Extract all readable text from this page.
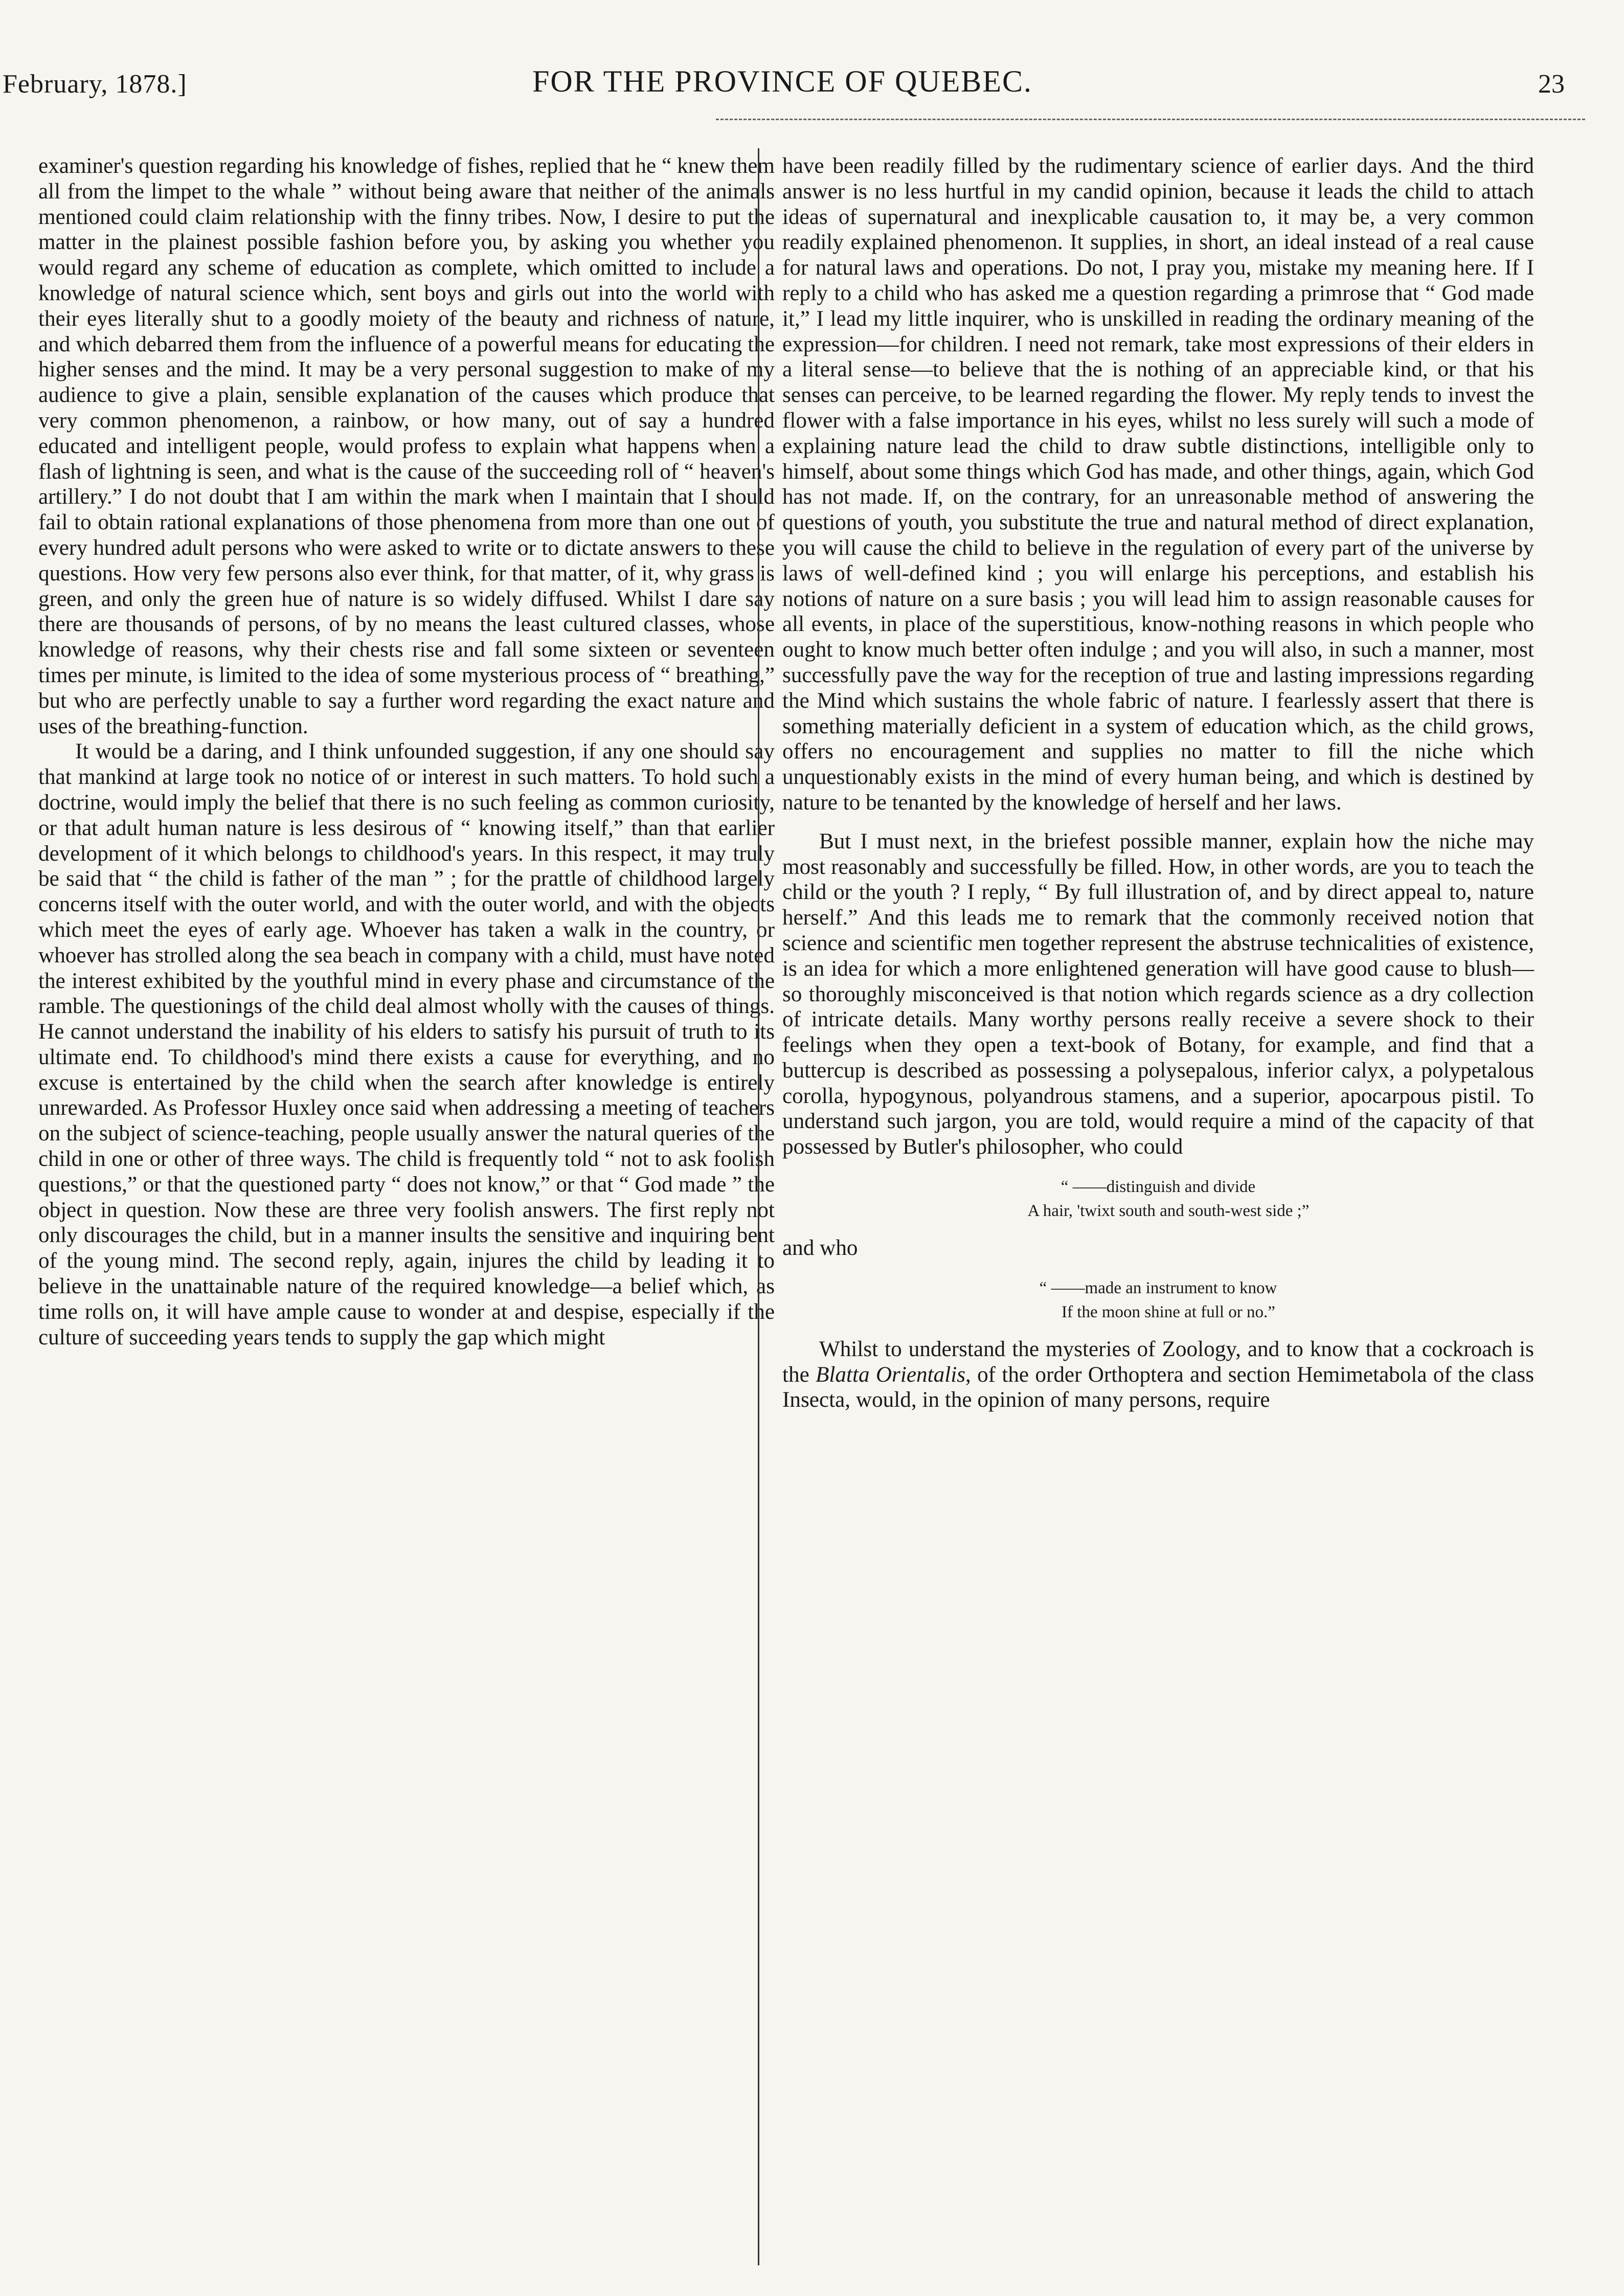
February, 1878.]	FOR THE PROVINCE OF QUEBEC.	23

examiner's question regarding his knowledge of fishes, replied that he “ knew them all from the limpet to the whale ” without being aware that neither of the animals mentioned could claim relationship with the finny tribes. Now, I desire to put the matter in the plainest possible fashion before you, by asking you whether you would regard any scheme of education as complete, which omitted to include a knowledge of natural science which, sent boys and girls out into the world with their eyes literally shut to a goodly moiety of the beauty and richness of nature, and which debarred them from the influence of a powerful means for educating the higher senses and the mind. It may be a very personal suggestion to make of my audience to give a plain, sensible explanation of the causes which produce that very common phenomenon, a rainbow, or how many, out of say a hundred educated and intelligent people, would profess to explain what happens when a flash of lightning is seen, and what is the cause of the succeeding roll of “ heaven's artillery.” I do not doubt that I am within the mark when I maintain that I should fail to obtain rational explanations of those phenomena from more than one out of every hundred adult persons who were asked to write or to dictate answers to these questions. How very few persons also ever think, for that matter, of it, why grass is green, and only the green hue of nature is so widely diffused. Whilst I dare say there are thousands of persons, of by no means the least cultured classes, whose knowledge of reasons, why their chests rise and fall some sixteen or seventeen times per minute, is limited to the idea of some mysterious process of “ breathing,” but who are perfectly unable to say a further word regarding the exact nature and uses of the breathing-function.

It would be a daring, and I think unfounded suggestion, if any one should say that mankind at large took no notice of or interest in such matters. To hold such a doctrine, would imply the belief that there is no such feeling as common curiosity, or that adult human nature is less desirous of “ knowing itself,” than that earlier development of it which belongs to childhood's years. In this respect, it may truly be said that “ the child is father of the man ” ; for the prattle of childhood largely concerns itself with the outer world, and with the outer world, and with the objects which meet the eyes of early age. Whoever has taken a walk in the country, or whoever has strolled along the sea beach in company with a child, must have noted the interest exhibited by the youthful mind in every phase and circumstance of the ramble. The questionings of the child deal almost wholly with the causes of things. He cannot understand the inability of his elders to satisfy his pursuit of truth to its ultimate end. To childhood's mind there exists a cause for everything, and no excuse is entertained by the child when the search after knowledge is entirely unrewarded. As Professor Huxley once said when addressing a meeting of teachers on the subject of science-teaching, people usually answer the natural queries of the child in one or other of three ways. The child is frequently told “ not to ask foolish questions,” or that the questioned party “ does not know,” or that “ God made ” the object in question. Now these are three very foolish answers. The first reply not only discourages the child, but in a manner insults the sensitive and inquiring bent of the young mind. The second reply, again, injures the child by leading it to believe in the unattainable nature of the required knowledge—a belief which, as time rolls on, it will have ample cause to wonder at and despise, especially if the culture of succeeding years tends to supply the gap which might

have been readily filled by the rudimentary science of earlier days. And the third answer is no less hurtful in my candid opinion, because it leads the child to attach ideas of supernatural and inexplicable causation to, it may be, a very common readily explained phenomenon. It supplies, in short, an ideal instead of a real cause for natural laws and operations. Do not, I pray you, mistake my meaning here. If I reply to a child who has asked me a question regarding a primrose that “ God made it,” I lead my little inquirer, who is unskilled in reading the ordinary meaning of the expression—for children. I need not remark, take most expressions of their elders in a literal sense—to believe that the is nothing of an appreciable kind, or that his senses can perceive, to be learned regarding the flower. My reply tends to invest the flower with a false importance in his eyes, whilst no less surely will such a mode of explaining nature lead the child to draw subtle distinctions, intelligible only to himself, about some things which God has made, and other things, again, which God has not made. If, on the contrary, for an unreasonable method of answering the questions of youth, you substitute the true and natural method of direct explanation, you will cause the child to believe in the regulation of every part of the universe by laws of well-defined kind ; you will enlarge his perceptions, and establish his notions of nature on a sure basis ; you will lead him to assign reasonable causes for all events, in place of the superstitious, know-nothing reasons in which people who ought to know much better often indulge ; and you will also, in such a manner, most successfully pave the way for the reception of true and lasting impressions regarding the Mind which sustains the whole fabric of nature. I fearlessly assert that there is something materially deficient in a system of education which, as the child grows, offers no encouragement and supplies no matter to fill the niche which unquestionably exists in the mind of every human being, and which is destined by nature to be tenanted by the knowledge of herself and her laws.

But I must next, in the briefest possible manner, explain how the niche may most reasonably and successfully be filled. How, in other words, are you to teach the child or the youth ? I reply, “ By full illustration of, and by direct appeal to, nature herself.” And this leads me to remark that the commonly received notion that science and scientific men together represent the abstruse technicalities of existence, is an idea for which a more enlightened generation will have good cause to blush—so thoroughly misconceived is that notion which regards science as a dry collection of intricate details. Many worthy persons really receive a severe shock to their feelings when they open a text-book of Botany, for example, and find that a buttercup is described as possessing a polysepalous, inferior calyx, a polypetalous corolla, hypogynous, polyandrous stamens, and a superior, apocarpous pistil. To understand such jargon, you are told, would require a mind of the capacity of that possessed by Butler's philosopher, who could

“ ——distinguish and divide
A hair, 'twixt south and south-west side ;”

and who

“ ——made an instrument to know
If the moon shine at full or no.”

Whilst to understand the mysteries of Zoology, and to know that a cockroach is the Blatta Orientalis, of the order Orthoptera and section Hemimetabola of the class Insecta, would, in the opinion of many persons, require
